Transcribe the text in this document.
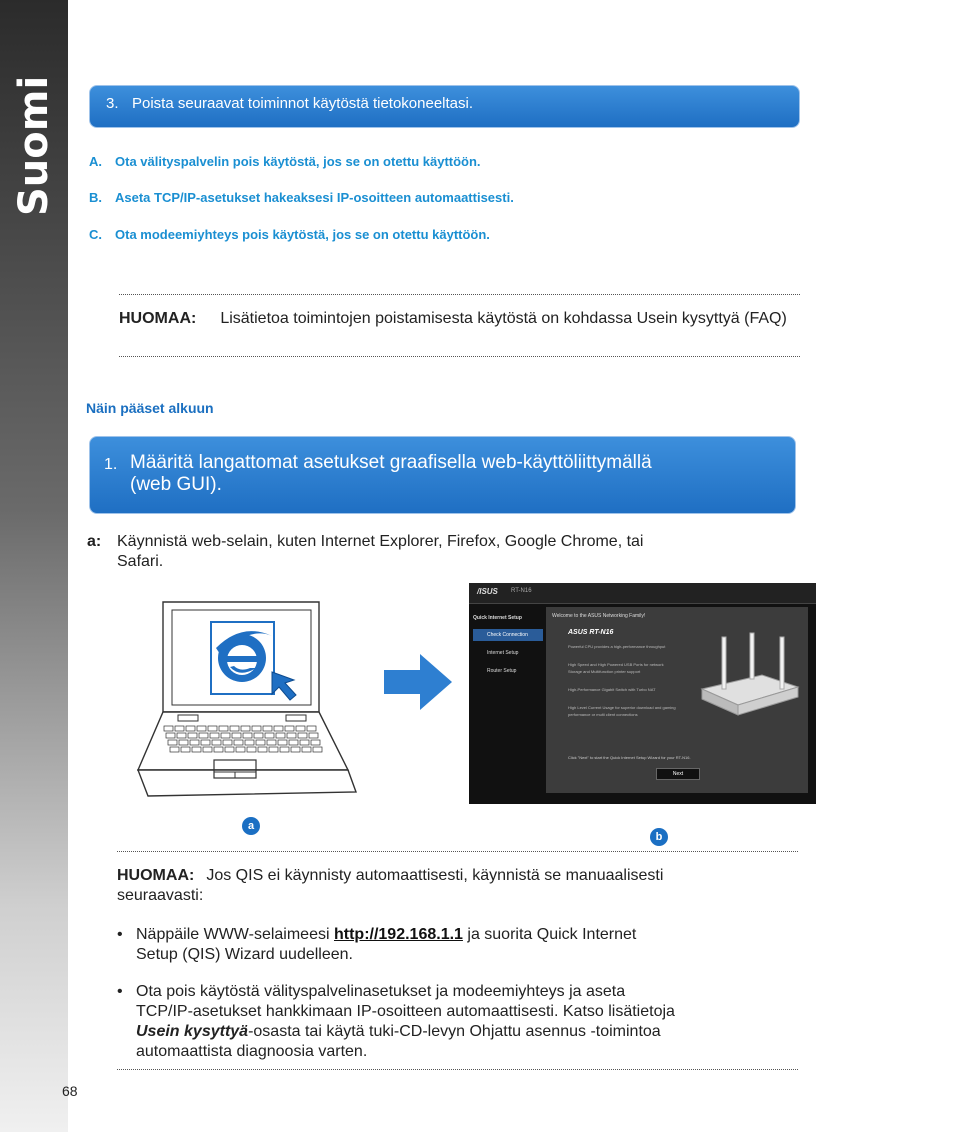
Suomi	3. Poista seuraavat toiminnot käytöstä tietokoneeltasi.
A. Ota välityspalvelin pois käytöstä, jos se on otettu käyttöön.
B. Aseta TCP/IP-asetukset hakeaksesi IP-osoitteen automaattisesti.
C. Ota modeemiyhteys pois käytöstä, jos se on otettu käyttöön.
HUOMAA: Lisätietoa toimintojen poistamisesta käytöstä on kohdassa Usein kysyttyä (FAQ)
Näin pääset alkuun
1. Määritä langattomat asetukset graafisella web-käyttöliittymällä
(web GUI).
a: Käynnistä web-selain, kuten Internet Explorer, Firefox, Google Chrome, tai
Safari.
/ISUS RT-N16
Quick Internet Setup
Check Connection
Internet Setup
Router Setup
Welcome to the ASUS Networking Family!
ASUS RT-N16
Powerful CPU provides a high-performance throughput
High Speed and High Powered USB Ports for network Storage and Multifunction printer support
High-Performance Gigabit Switch with Turbo NAT
High Level Current Usage for superior download and gaming performance or multi client connections
Click "Next" to start the Quick Internet Setup Wizard for your RT-N16.
Next
a
b
HUOMAA: Jos QIS ei käynnisty automaattisesti, käynnistä se manuaalisesti
seuraavasti:
• Näppäile WWW-selaimeesi http://192.168.1.1 ja suorita Quick Internet
Setup (QIS) Wizard uudelleen.
• Ota pois käytöstä välityspalvelinasetukset ja modeemiyhteys ja aseta
TCP/IP-asetukset hankkimaan IP-osoitteen automaattisesti. Katso lisätietoja
Usein kysyttyä-osasta tai käytä tuki-CD-levyn Ohjattu asennus -toimintoa
automaattista diagnoosia varten.
68
